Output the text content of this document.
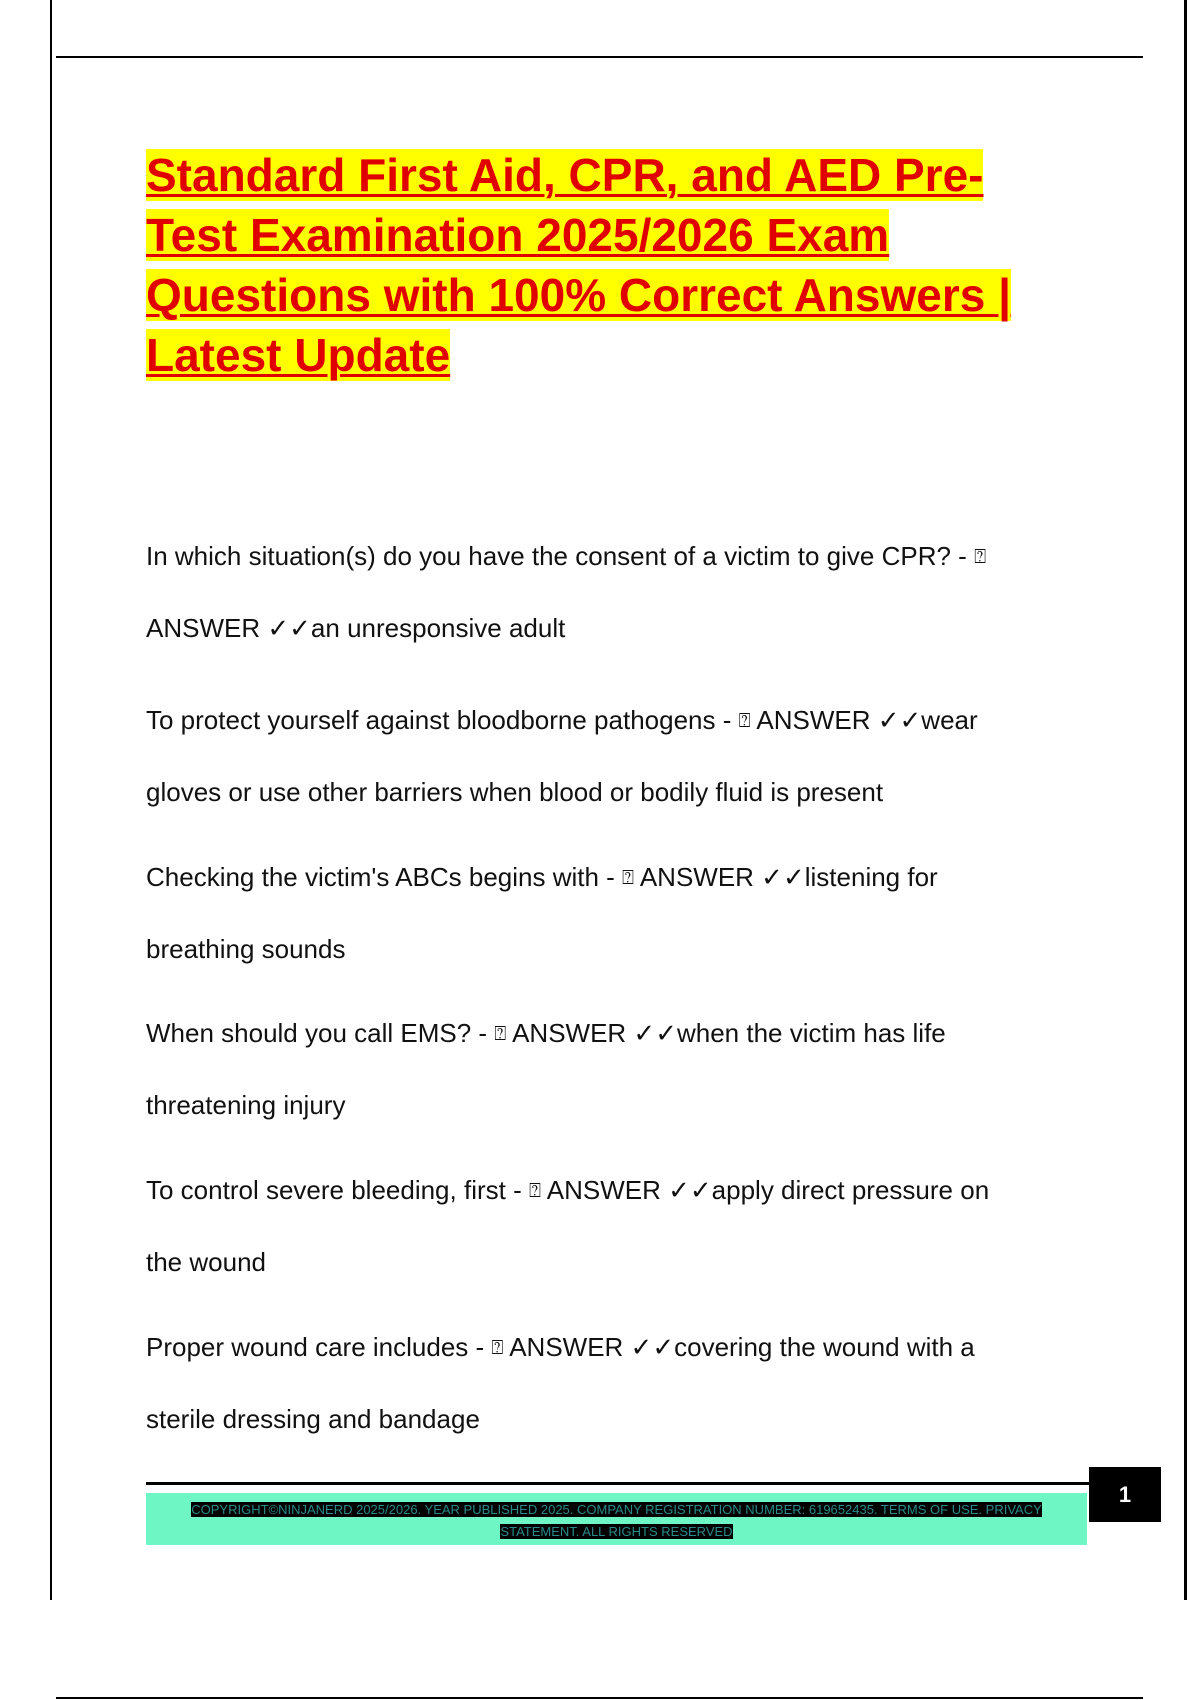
Standard First Aid, CPR, and AED Pre-
Test Examination 2025/2026 Exam
Questions with 100% Correct Answers |
Latest Update
In which situation(s) do you have the consent of a victim to give CPR? - ⍰
ANSWER ✓✓an unresponsive adult
To protect yourself against bloodborne pathogens - ⍰ ANSWER ✓✓wear
gloves or use other barriers when blood or bodily fluid is present
Checking the victim's ABCs begins with - ⍰ ANSWER ✓✓listening for
breathing sounds
When should you call EMS? - ⍰ ANSWER ✓✓when the victim has life
threatening injury
To control severe bleeding, first - ⍰ ANSWER ✓✓apply direct pressure on
the wound
Proper wound care includes - ⍰ ANSWER ✓✓covering the wound with a
sterile dressing and bandage
COPYRIGHT©NINJANERD 2025/2026. YEAR PUBLISHED 2025. COMPANY REGISTRATION NUMBER: 619652435. TERMS OF USE. PRIVACY
STATEMENT. ALL RIGHTS RESERVED
1
